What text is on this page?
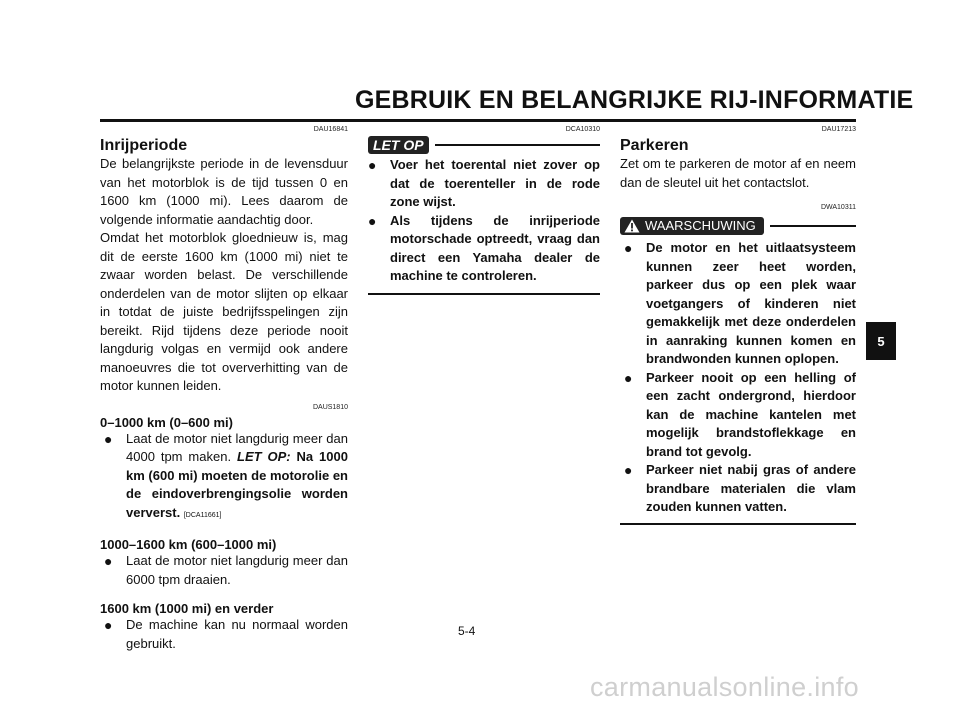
GEBRUIK EN BELANGRIJKE RIJ-INFORMATIE
DAU16841
Inrijperiode

De belangrijkste periode in de levensduur van het motorblok is de tijd tussen 0 en 1600 km (1000 mi). Lees daarom de volgende informatie aandachtig door.

Omdat het motorblok gloednieuw is, mag dit de eerste 1600 km (1000 mi) niet te zwaar worden belast. De verschillende onderdelen van de motor slijten op elkaar in totdat de juiste bedrijfsspelingen zijn bereikt. Rijd tijdens deze periode nooit langdurig volgas en vermijd ook andere manoeuvres die tot oververhitting van de motor kunnen leiden.

DAUS1810
0–1000 km (0–600 mi)
●	Laat de motor niet langdurig meer dan 4000 tpm maken. LET OP: Na 1000 km (600 mi) moeten de motorolie en de eindoverbrengingsolie worden ververst. [DCA11661]
1000–1600 km (600–1000 mi)
●	Laat de motor niet langdurig meer dan 6000 tpm draaien.
1600 km (1000 mi) en verder
●	De machine kan nu normaal worden gebruikt.
DCA10310
LET OP
●	Voer het toerental niet zover op dat de toerenteller in de rode zone wijst.
●	Als tijdens de inrijperiode motorschade optreedt, vraag dan direct een Yamaha dealer de machine te controleren.
DAU17213
Parkeren

Zet om te parkeren de motor af en neem dan de sleutel uit het contactslot.

DWA10311
WAARSCHUWING
●	De motor en het uitlaatsysteem kunnen zeer heet worden, parkeer dus op een plek waar voetgangers of kinderen niet gemakkelijk met deze onderdelen in aanraking kunnen komen en brandwonden kunnen oplopen.
●	Parkeer nooit op een helling of een zacht ondergrond, hierdoor kan de machine kantelen met mogelijk brandstoflekkage en brand tot gevolg.
●	Parkeer niet nabij gras of andere brandbare materialen die vlam zouden kunnen vatten.
5
5-4
carmanualsonline.info
